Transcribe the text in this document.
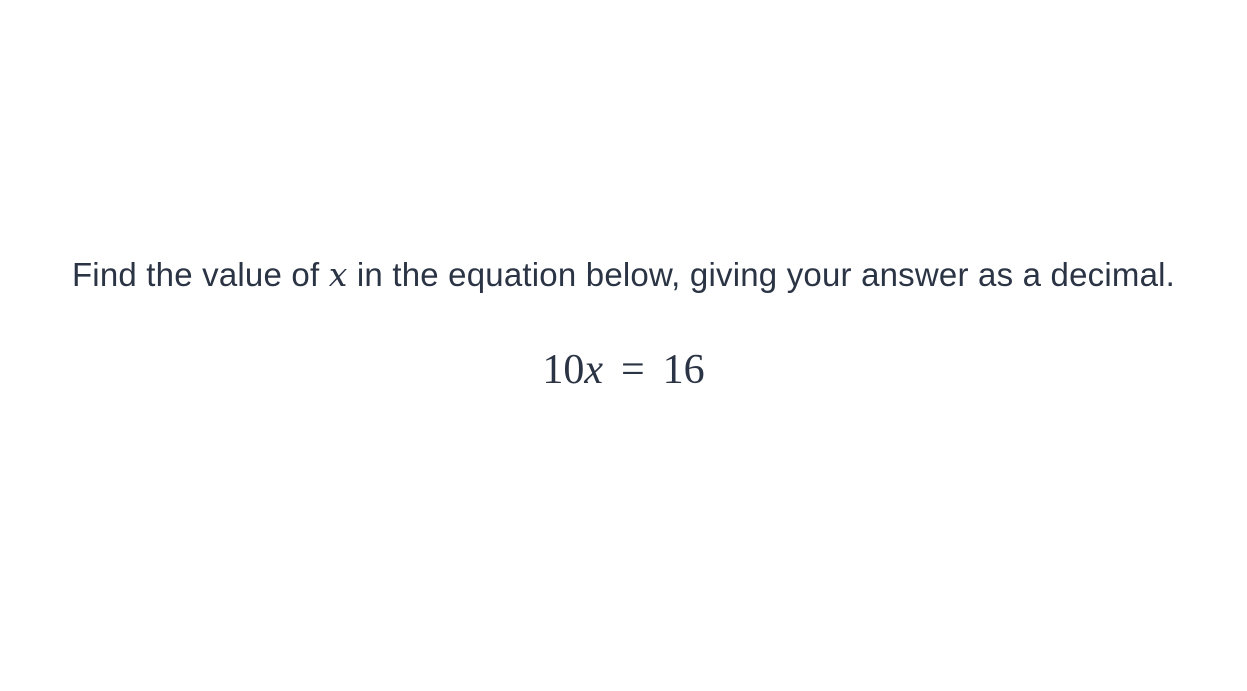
Find the value of x in the equation below, giving your answer as a decimal.
10x = 16
